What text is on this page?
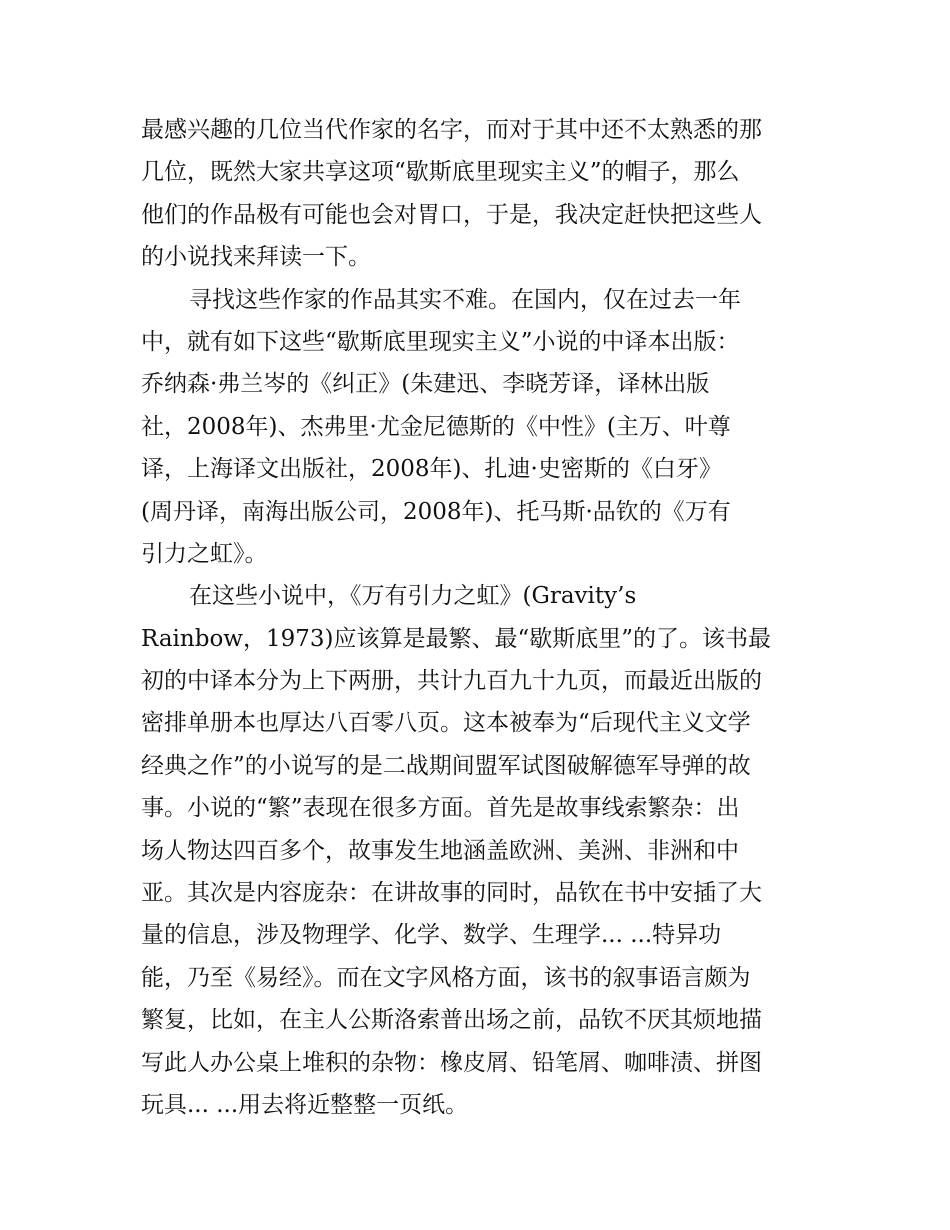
最感兴趣的几位当代作家的名字，而对于其中还不太熟悉的那
几位，既然大家共享这项“歇斯底里现实主义”的帽子，那么
他们的作品极有可能也会对胃口，于是，我决定赶快把这些人
的小说找来拜读一下。
寻找这些作家的作品其实不难。在国内，仅在过去一年
中，就有如下这些“歇斯底里现实主义”小说的中译本出版：
乔纳森·弗兰岑的《纠正》(朱建迅、李晓芳译，译林出版
社，2008年)、杰弗里·尤金尼德斯的《中性》(主万、叶尊
译，上海译文出版社，2008年)、扎迪·史密斯的《白牙》
(周丹译，南海出版公司，2008年)、托马斯·品钦的《万有
引力之虹》。
在这些小说中，《万有引力之虹》(Gravity’s
Rainbow，1973)应该算是最繁、最“歇斯底里”的了。该书最
初的中译本分为上下两册，共计九百九十九页，而最近出版的
密排单册本也厚达八百零八页。这本被奉为“后现代主义文学
经典之作”的小说写的是二战期间盟军试图破解德军导弹的故
事。小说的“繁”表现在很多方面。首先是故事线索繁杂：出
场人物达四百多个，故事发生地涵盖欧洲、美洲、非洲和中
亚。其次是内容庞杂：在讲故事的同时，品钦在书中安插了大
量的信息，涉及物理学、化学、数学、生理学... ...特异功
能，乃至《易经》。而在文字风格方面，该书的叙事语言颇为
繁复，比如，在主人公斯洛索普出场之前，品钦不厌其烦地描
写此人办公桌上堆积的杂物：橡皮屑、铅笔屑、咖啡渍、拼图
玩具... ...用去将近整整一页纸。
